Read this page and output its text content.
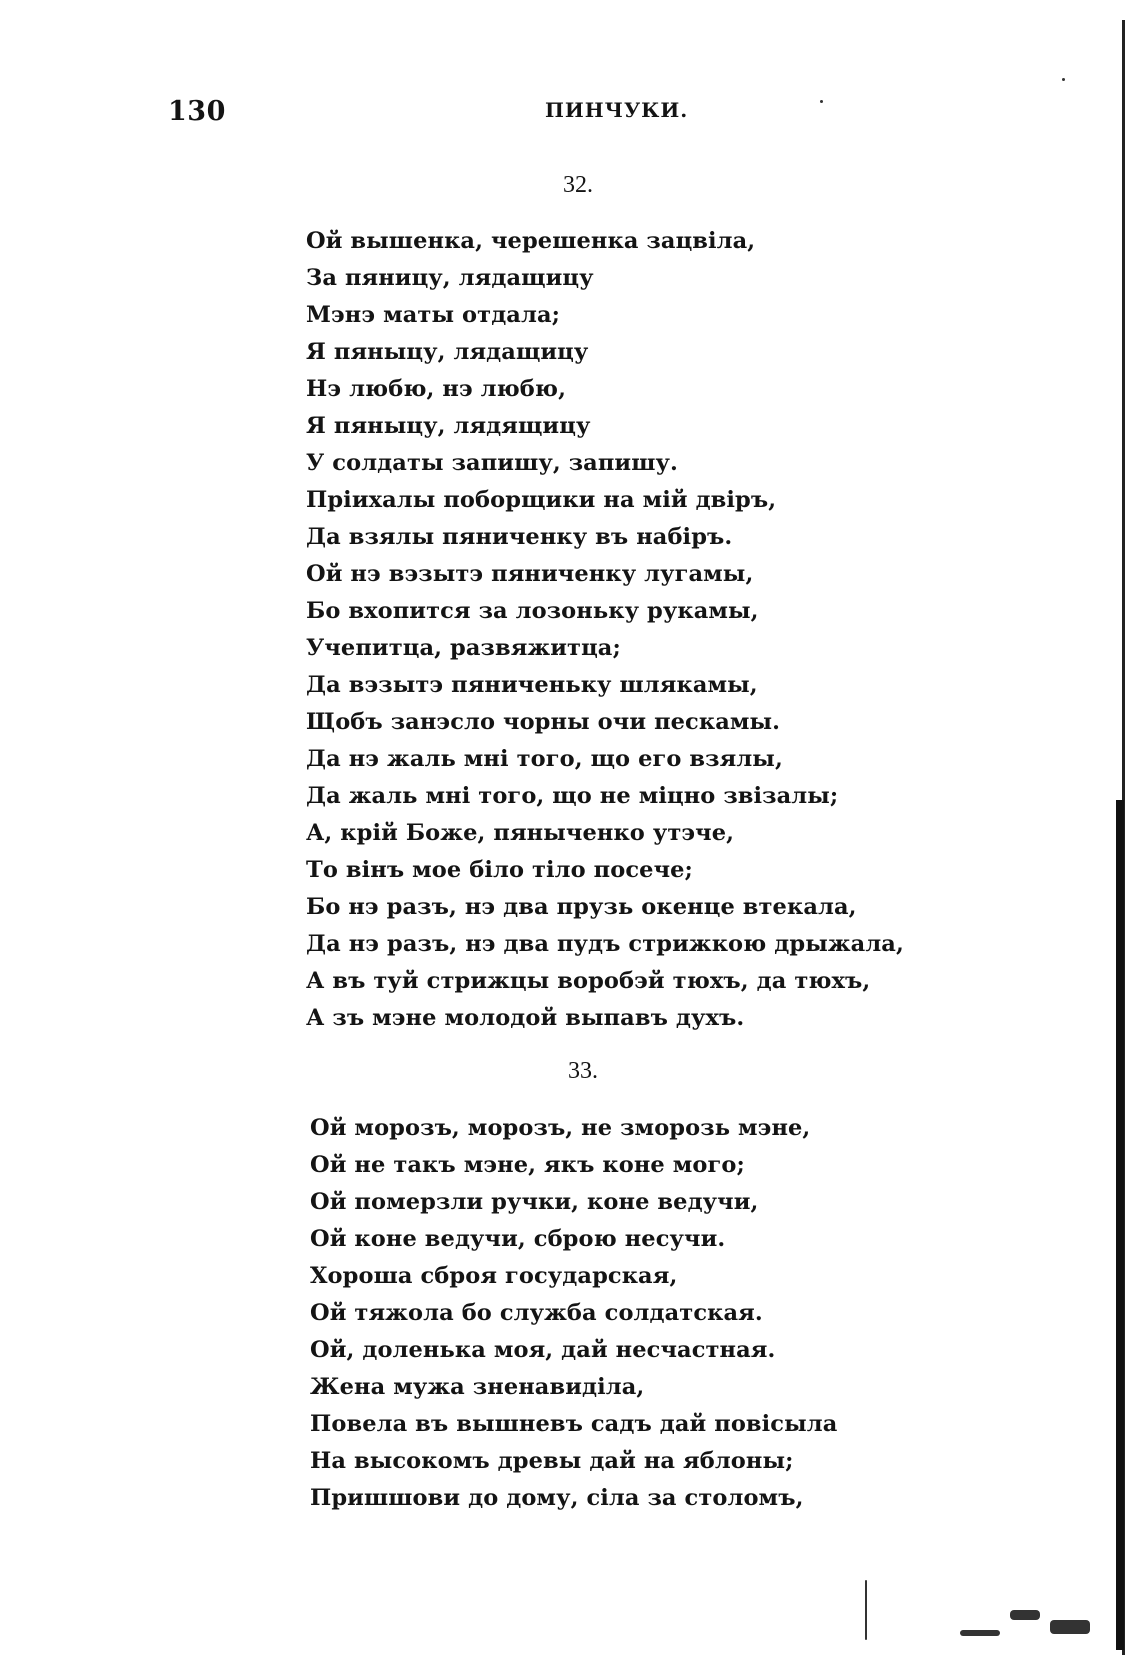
130	ПИНЧУКИ.
32.
Ой вышенка, черешенка зацвiла,
За пяницу, лядащицу
Мэнэ маты отдала;
Я пяныцу, лядащицу
Нэ любю, нэ любю,
Я пяныцу, лядящицу
У солдаты запишу, запишу.
Прiихалы поборщики на мiй двiръ,
Да взялы пяниченку въ набiръ.
Ой нэ вэзытэ пяниченку лугамы,
Бо вхопится за лозоньку рукамы,
Учепитца, развяжитца;
Да вэзытэ пяниченьку шлякамы,
Щобъ занэсло чорны очи пескамы.
Да нэ жаль мнi того, що его взялы,
Да жаль мнi того, що не мiцно звiзалы;
А, крiй Боже, пяныченко утэче,
То вiнъ мое бiло тiло посече;
Бо нэ разъ, нэ два прузь окенце втекала,
Да нэ разъ, нэ два пудъ стрижкою дрыжала,
А въ туй стрижцы воробэй тюхъ, да тюхъ,
А зъ мэне молодой выпавъ духъ.
33.
Ой морозъ, морозъ, не зморозь мэне,
Ой не такъ мэне, якъ коне мого;
Ой померзли ручки, коне ведучи,
Ой коне ведучи, сброю несучи.
Хороша сброя государская,
Ой тяжола бо служба солдатская.
Ой, доленька моя, дай несчастная.
Жена мужа зненавидiла,
Повела въ вышневъ садъ дай повiсыла
На высокомъ древы дай на яблоны;
Пришшови до дому, сiла за столомъ,
